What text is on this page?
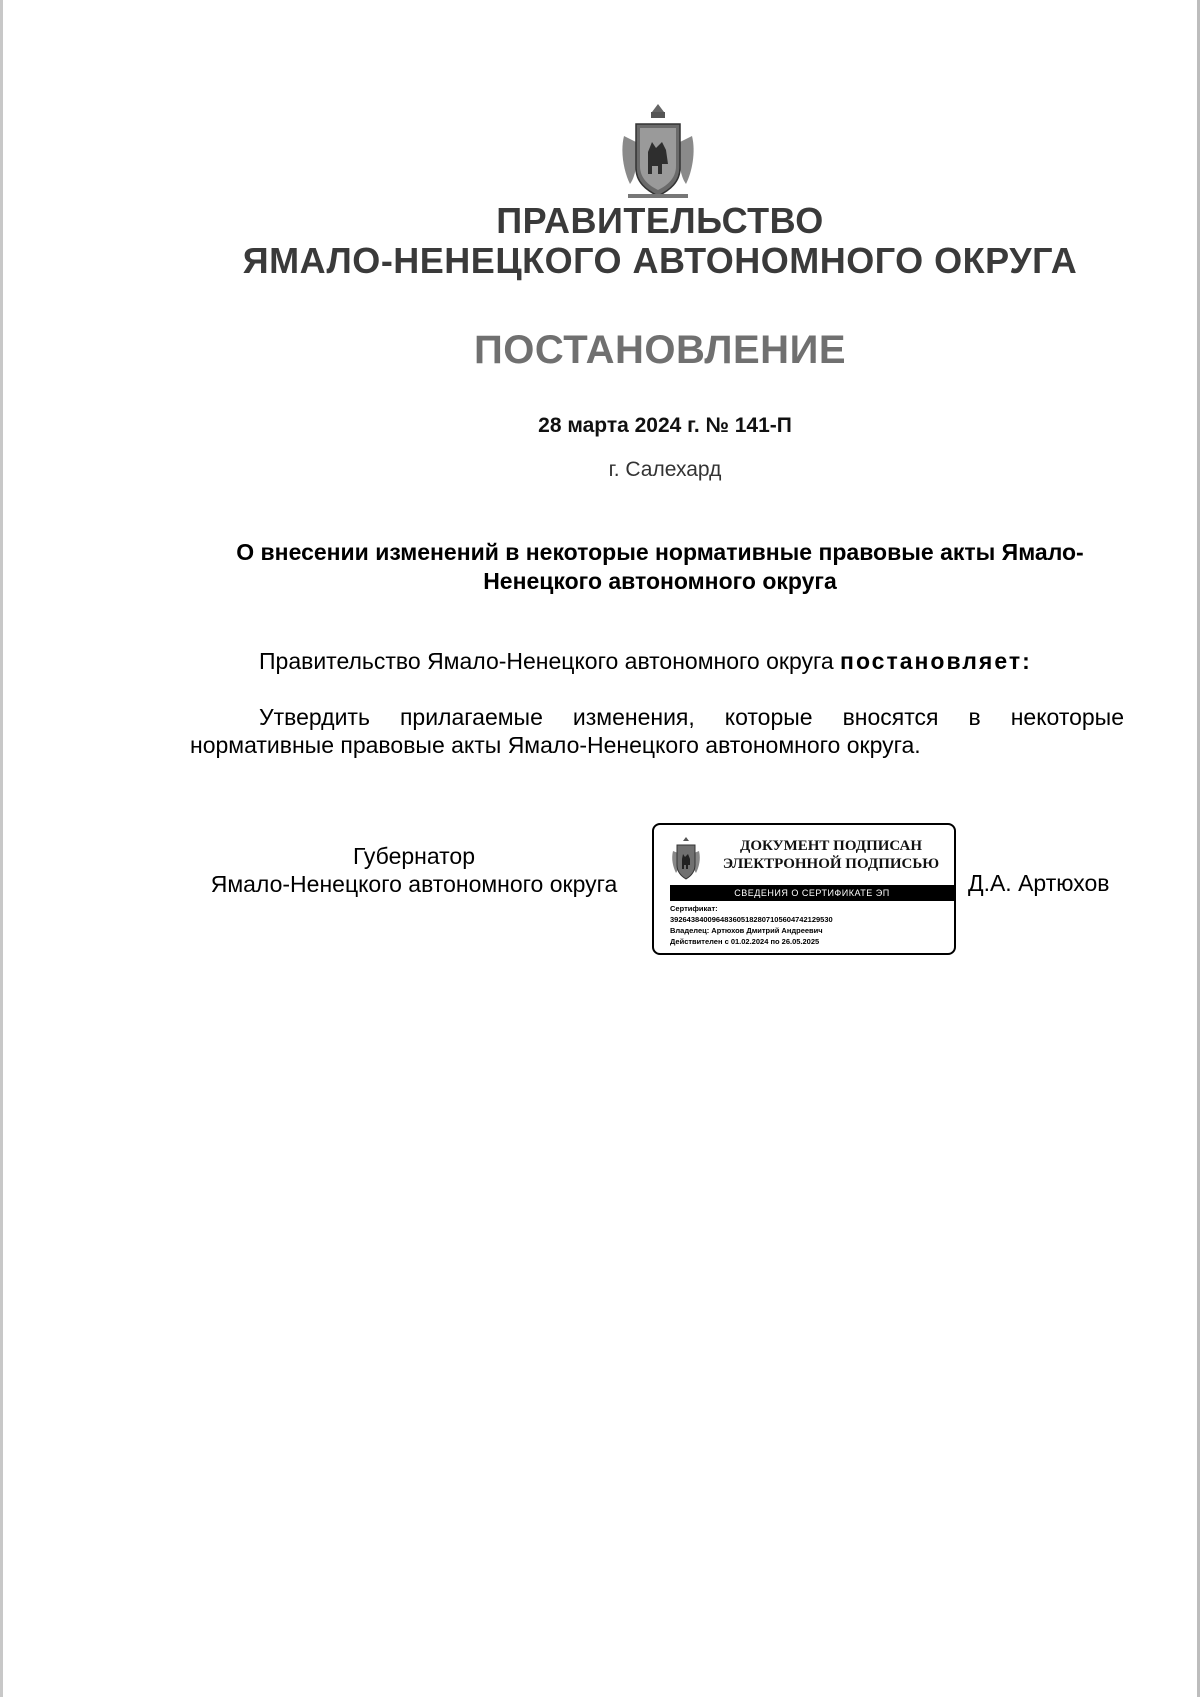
ПРАВИТЕЛЬСТВО
ЯМАЛО-НЕНЕЦКОГО АВТОНОМНОГО ОКРУГА
ПОСТАНОВЛЕНИЕ
28 марта 2024 г. № 141-П
г. Салехард
О внесении изменений в некоторые нормативные правовые акты Ямало-Ненецкого автономного округа
Правительство Ямало-Ненецкого автономного округа постановляет:
Утвердить прилагаемые изменения, которые вносятся в некоторые нормативные правовые акты Ямало-Ненецкого автономного округа.
Губернатор
Ямало-Ненецкого автономного округа
ДОКУМЕНТ ПОДПИСАН
ЭЛЕКТРОННОЙ ПОДПИСЬЮ
СВЕДЕНИЯ О СЕРТИФИКАТЕ ЭП
Сертификат:
392643840096483605182807105604742129530
Владелец: Артюхов Дмитрий Андреевич
Действителен с 01.02.2024 по 26.05.2025
Д.А. Артюхов
